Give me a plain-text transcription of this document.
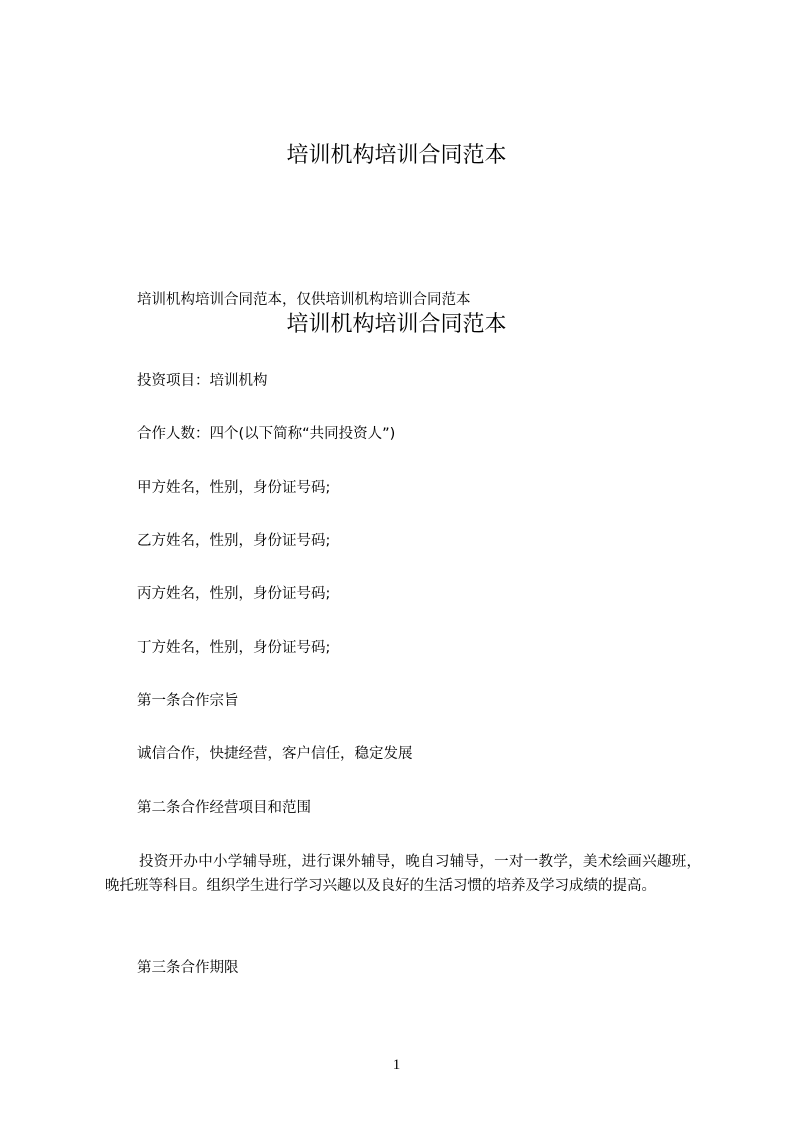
培训机构培训合同范本
培训机构培训合同范本，仅供培训机构培训合同范本
培训机构培训合同范本
投资项目：培训机构
合作人数：四个(以下简称“共同投资人”)
甲方姓名，性别，身份证号码;
乙方姓名，性别，身份证号码;
丙方姓名，性别，身份证号码;
丁方姓名，性别，身份证号码;
第一条合作宗旨
诚信合作，快捷经营，客户信任，稳定发展
第二条合作经营项目和范围
投资开办中小学辅导班，进行课外辅导，晚自习辅导，一对一教学，美术绘画兴趣班，晚托班等科目。组织学生进行学习兴趣以及良好的生活习惯的培养及学习成绩的提高。
第三条合作期限
1
